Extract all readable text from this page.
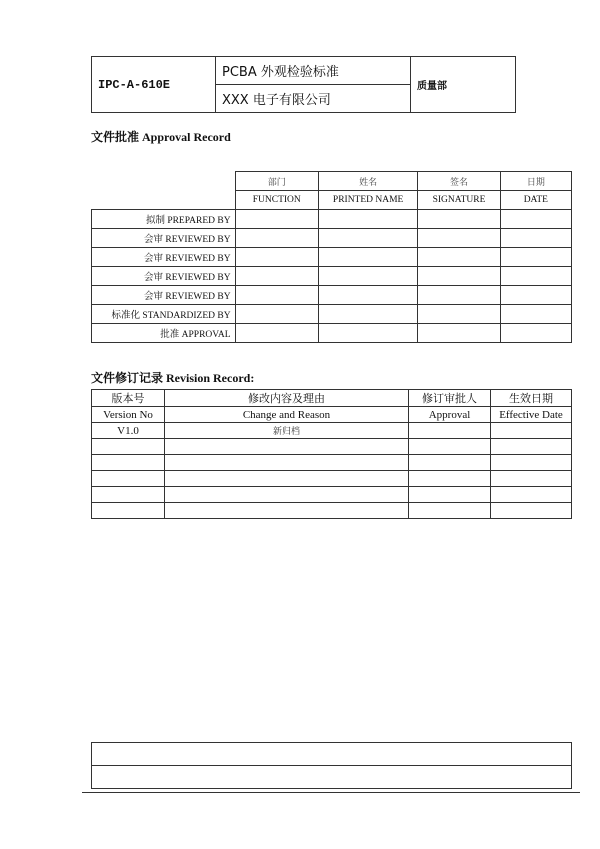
IPC-A-610E	PCBA 外观检验标准	质量部
XXX 电子有限公司
文件批准 Approval Record
	部门	姓名	签名	日期
	FUNCTION	PRINTED NAME	SIGNATURE	DATE
拟制 PREPARED BY				
会审 REVIEWED BY				
会审 REVIEWED BY				
会审 REVIEWED BY				
会审 REVIEWED BY				
标准化 STANDARDIZED BY				
批准 APPROVAL				
文件修订记录 Revision Record:
版本号	修改内容及理由	修订审批人	生效日期
Version No	Change and Reason	Approval	Effective Date
V1.0	新归档		
